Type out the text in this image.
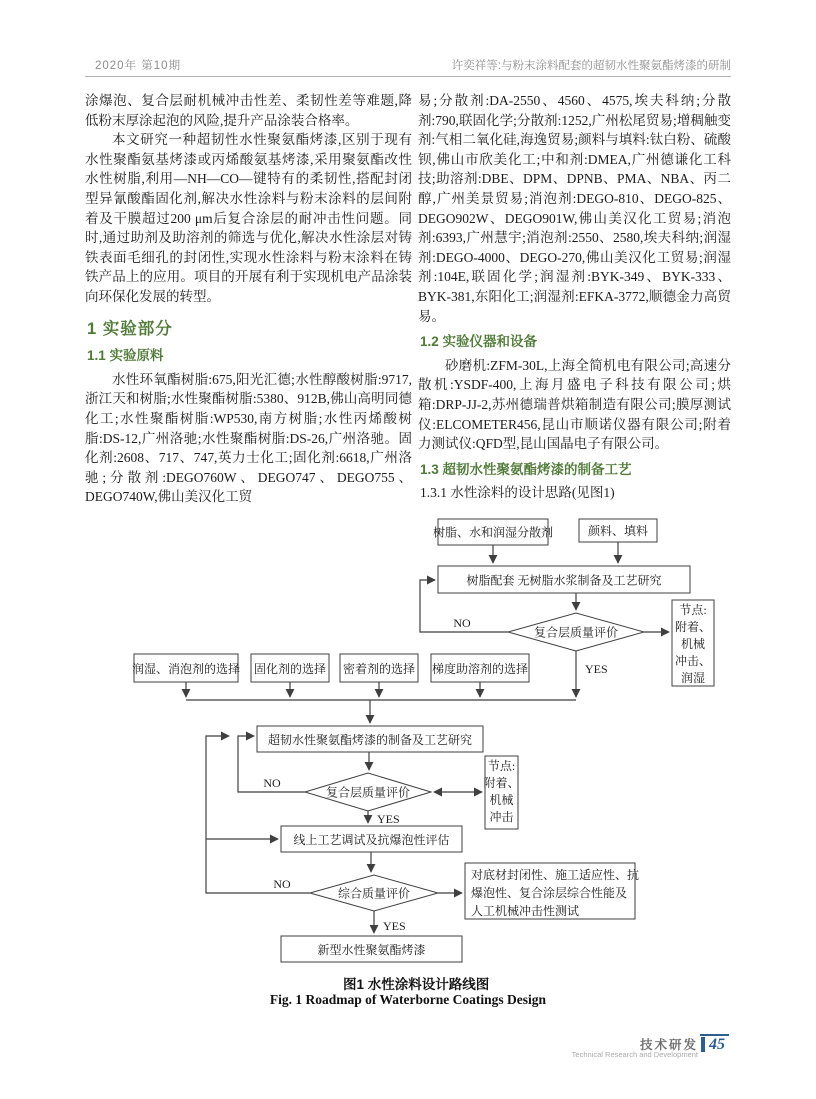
2020年 第10期	许奕祥等:与粉末涂料配套的超韧水性聚氨酯烤漆的研制

涂爆泡、复合层耐机械冲击性差、柔韧性差等难题,降低粉末厚涂起泡的风险,提升产品涂装合格率。

本文研究一种超韧性水性聚氨酯烤漆,区别于现有水性聚酯氨基烤漆或丙烯酸氨基烤漆,采用聚氨酯改性水性树脂,利用—NH—CO—键特有的柔韧性,搭配封闭型异氰酸酯固化剂,解决水性涂料与粉末涂料的层间附着及干膜超过200 μm后复合涂层的耐冲击性问题。同时,通过助剂及助溶剂的筛选与优化,解决水性涂层对铸铁表面毛细孔的封闭性,实现水性涂料与粉末涂料在铸铁产品上的应用。项目的开展有利于实现机电产品涂装向环保化发展的转型。

1 实验部分
1.1 实验原料

水性环氧酯树脂:675,阳光汇德;水性醇酸树脂:9717,浙江天和树脂;水性聚酯树脂:5380、912B,佛山高明同德化工;水性聚酯树脂:WP530,南方树脂;水性丙烯酸树脂:DS-12,广州洛驰;水性聚酯树脂:DS-26,广州洛驰。固化剂:2608、717、747,英力士化工;固化剂:6618,广州洛驰;分散剂:DEGO760W、DEGO747、DEGO755、DEGO740W,佛山美汉化工贸

易;分散剂:DA-2550、4560、4575,埃夫科纳;分散剂:790,联固化学;分散剂:1252,广州松尾贸易;增稠触变剂:气相二氧化硅,海逸贸易;颜料与填料:钛白粉、硫酸钡,佛山市欣美化工;中和剂:DMEA,广州德谦化工科技;助溶剂:DBE、DPM、DPNB、PMA、NBA、丙二醇,广州美景贸易;消泡剂:DEGO-810、DEGO-825、DEGO902W、DEGO901W,佛山美汉化工贸易;消泡剂:6393,广州慧宇;消泡剂:2550、2580,埃夫科纳;润湿剂:DEGO-4000、DEGO-270,佛山美汉化工贸易;润湿剂:104E,联固化学;润湿剂:BYK-349、BYK-333、BYK-381,东阳化工;润湿剂:EFKA-3772,顺德金力高贸易。

1.2 实验仪器和设备

砂磨机:ZFM-30L,上海全简机电有限公司;高速分散机:YSDF-400,上海月盛电子科技有限公司;烘箱:DRP-JJ-2,苏州德瑞普烘箱制造有限公司;膜厚测试仪:ELCOMETER456,昆山市顺诺仪器有限公司;附着力测试仪:QFD型,昆山国晶电子有限公司。

1.3 超韧水性聚氨酯烤漆的制备工艺
1.3.1 水性涂料的设计思路(见图1)
树脂、水和润湿分散剂	颜料、填料
树脂配套 无树脂水浆制备及工艺研究
复合层质量评价
节点:
附着、
机械
冲击、
润湿
NO
YES
润湿、消泡剂的选择 固化剂的选择 密着剂的选择 梯度助溶剂的选择
超韧水性聚氨酯烤漆的制备及工艺研究
复合层质量评价
节点:
附着、
机械
冲击
NO
YES
线上工艺调试及抗爆泡性评估
综合质量评价
NO
对底材封闭性、施工适应性、抗
爆泡性、复合涂层综合性能及
人工机械冲击性测试
YES
新型水性聚氨酯烤漆
图1 水性涂料设计路线图
Fig. 1 Roadmap of Waterborne Coatings Design
技术研发
Technical Research and Development
45
